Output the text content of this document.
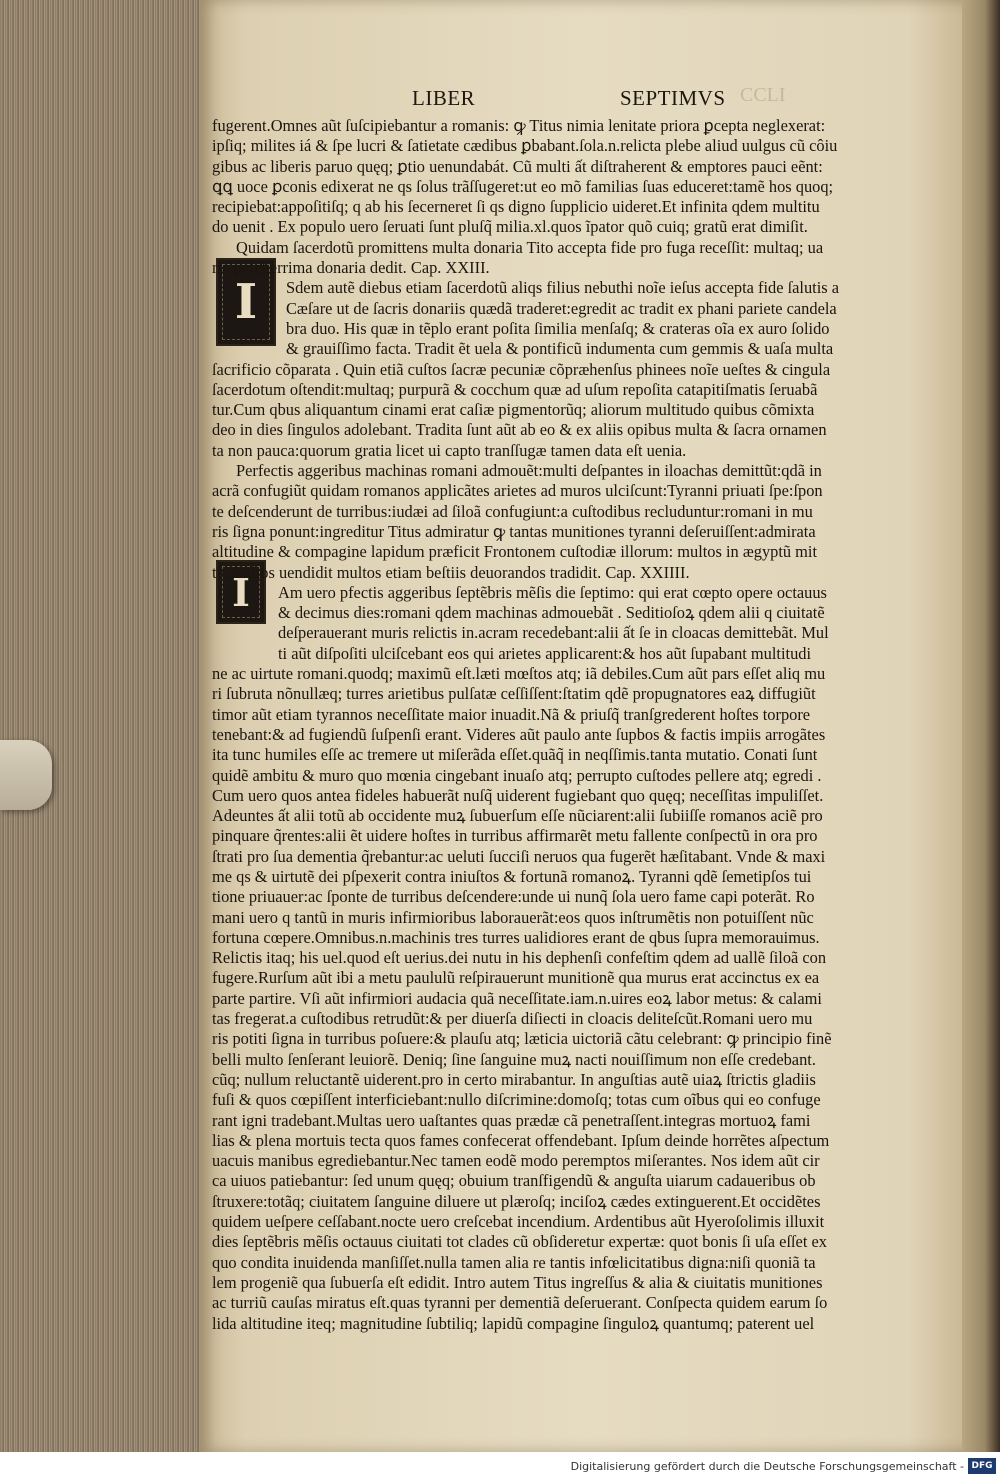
LIBER	SEPTIMVS CCLI
I
I
fugerent.Omnes aũt ſuſcipiebantur a romanis: ꝙ Titus nimia lenitate priora ꝑcepta neglexerat:
ipſiq; milites iá & ſpe lucri & ſatietate cædibus ꝑbabant.ſola.n.relicta plebe aliud uulgus cũ côiu
gibus ac liberis paruo quęq; ꝑtio uenundabát. Cũ multi ất diſtraherent & emptores pauci eẽnt:
ꝗꝗ uoce ꝑconis edixerat ne qs ſolus trãſſugeret:ut eo mõ familias ſuas educeret:tamẽ hos quoq;
recipiebat:appoſitiſq; q ab his ſecerneret ſi qs digno ſupplicio uideret.Et infinita qdem multitu
do uenit . Ex populo uero ſeruati ſunt pluſq̃ milia.xl.quos ĩpator quõ cuiq; gratũ erat dimiſit.
Quidam ſacerdotũ promittens multa donaria Tito accepta fide pro fuga receſſit: multaq; ua
ria pulcherrima donaria dedit. Cap. XXIII.
Sdem autẽ diebus etiam ſacerdotũ aliqs filius nebuthi noĩe ieſus accepta fide ſalutis a
Cæſare ut de ſacris donariis quædã traderet:egredit ac tradit ex phani pariete candela
bra duo. His quæ in tẽplo erant poſita ſimilia menſaſq; & crateras oĩa ex auro ſolido
& grauiſſimo facta. Tradit ẽt uela & pontificũ indumenta cum gemmis & uaſa multa
ſacrificio cõparata . Quin etiã cuſtos ſacræ pecuniæ cõpræhenſus phinees noĩe ueſtes & cingula
ſacerdotum oſtendit:multaq; purpurã & cocchum quæ ad uſum repoſita catapitiſmatis ſeruabã
tur.Cum qbus aliquantum cinami erat caſiæ pigmentorũq; aliorum multitudo quibus cõmixta
deo in dies ſingulos adolebant. Tradita ſunt aũt ab eo & ex aliis opibus multa & ſacra ornamen
ta non pauca:quorum gratia licet ui capto tranſſugæ tamen data eſt uenia.
Perfectis aggeribus machinas romani admouẽt:multi deſpantes in iloachas demittũt:qdã in
acrã confugiũt quidam romanos applicãtes arietes ad muros ulciſcunt:Tyranni priuati ſpe:ſpon
te deſcenderunt de turribus:iudæi ad ſiloã confugiunt:a cuſtodibus recluduntur:romani in mu
ris ſigna ponunt:ingreditur Titus admiratur ꝙ tantas munitiones tyranni deſeruiſſent:admirata
altitudine & compagine lapidum præficit Frontonem cuſtodiæ illorum: multos in ægyptũ mit
tit:multos uendidit multos etiam beſtiis deuorandos tradidit. Cap. XXIIII.
Am uero pfectis aggeribus ſeptẽbris mẽſis die ſeptimo: qui erat cœpto opere octauus
& decimus dies:romani qdem machinas admouebãt . Seditioſoꝝ qdem alii q ciuitatẽ
deſperauerant muris relictis in.acram recedebant:alii ất ſe in cloacas demittebãt. Mul
ti aũt diſpoſiti ulciſcebant eos qui arietes applicarent:& hos aũt ſupabant multitudi
ne ac uirtute romani.quodq; maximũ eſt.læti mœſtos atq; iã debiles.Cum aũt pars eſſet aliq mu
ri ſubruta nõnullæq; turres arietibus pulſatæ ceſſiſſent:ſtatim qdẽ propugnatores eaꝝ diffugiũt
timor aũt etiam tyrannos neceſſitate maior inuadit.Nã & priuſq̃ tranſgrederent hoſtes torpore
tenebant:& ad fugiendũ ſuſpenſi erant. Videres aũt paulo ante ſupbos & factis impiis arrogãtes
ita tunc humiles eſſe ac tremere ut miſerãda eſſet.quãq̃ in neqſſimis.tanta mutatio. Conati ſunt
quidẽ ambitu & muro quo mœnia cingebant inuaſo atq; perrupto cuſtodes pellere atq; egredi .
Cum uero quos antea fideles habuerãt nuſq̃ uiderent fugiebant quo quęq; neceſſitas impuliſſet.
Adeuntes ất alii totũ ab occidente muꝝ ſubuerſum eſſe nũciarent:alii ſubiiſſe romanos aciẽ pro
pinquare q̃rentes:alii ẽt uidere hoſtes in turribus affirmarẽt metu fallente conſpectũ in ora pro
ſtrati pro ſua dementia q̃rebantur:ac ueluti ſucciſi neruos qua fugerẽt hæſitabant. Vnde & maxi
me qs & uirtutẽ dei pſpexerit contra iniuſtos & fortunã romanoꝝ. Tyranni qdẽ ſemetipſos tui
tione priuauer:ac ſponte de turribus deſcendere:unde ui nunq̃ ſola uero fame capi poterãt. Ro
mani uero q tantũ in muris infirmioribus laborauerãt:eos quos inſtrumẽtis non potuiſſent nũc
fortuna cœpere.Omnibus.n.machinis tres turres ualidiores erant de qbus ſupra memorauimus.
Relictis itaq; his uel.quod eſt uerius.dei nutu in his dephenſi confeſtim qdem ad uallẽ ſiloã con
fugere.Rurſum aũt ibi a metu paululũ reſpirauerunt munitionẽ qua murus erat accinctus ex ea
parte partire. Vſi aũt infirmiori audacia quã neceſſitate.iam.n.uires eoꝝ labor metus: & calami
tas fregerat.a cuſtodibus retrudũt:& per diuerſa diſiecti in cloacis deliteſcũt.Romani uero mu
ris potiti ſigna in turribus poſuere:& plauſu atq; læticia uictoriã cãtu celebrant: ꝙ principio finẽ
belli multo ſenſerant leuiorẽ. Deniq; ſine ſanguine muꝝ nacti nouiſſimum non eſſe credebant.
cũq; nullum reluctantẽ uiderent.pro in certo mirabantur. In anguſtias autẽ uiaꝝ ſtrictis gladiis
fuſi & quos cœpiſſent interficiebant:nullo diſcrimine:domoſq; totas cum oĩbus qui eo confuge
rant igni tradebant.Multas uero uaſtantes quas prædæ cã penetraſſent.integras mortuoꝝ fami
lias & plena mortuis tecta quos fames confecerat offendebant. Ipſum deinde horrẽtes aſpectum
uacuis manibus egrediebantur.Nec tamen eodẽ modo peremptos miſerantes. Nos idem aũt cir
ca uiuos patiebantur: ſed unum quęq; obuium tranſfigendũ & anguſta uiarum cadaueribus ob
ſtruxere:totãq; ciuitatem ſanguine diluere ut plæroſq; inciſoꝝ cædes extinguerent.Et occidẽtes
quidem ueſpere ceſſabant.nocte uero creſcebat incendium. Ardentibus aũt Hyeroſolimis illuxit
dies ſeptẽbris mẽſis octauus ciuitati tot clades cũ obſideretur expertæ: quot bonis ſi uſa eſſet ex
quo condita inuidenda manſiſſet.nulla tamen alia re tantis infœlicitatibus digna:niſi quoniã ta
lem progeniẽ qua ſubuerſa eſt edidit. Intro autem Titus ingreſſus & alia & ciuitatis munitiones
ac turriũ cauſas miratus eſt.quas tyranni per dementiã deſeruerant. Conſpecta quidem earum ſo
lida altitudine iteq; magnitudine ſubtiliq; lapidũ compagine ſinguloꝝ quantumq; paterent uel
Digitalisierung gefördert durch die Deutsche Forschungsgemeinschaft - DFG
